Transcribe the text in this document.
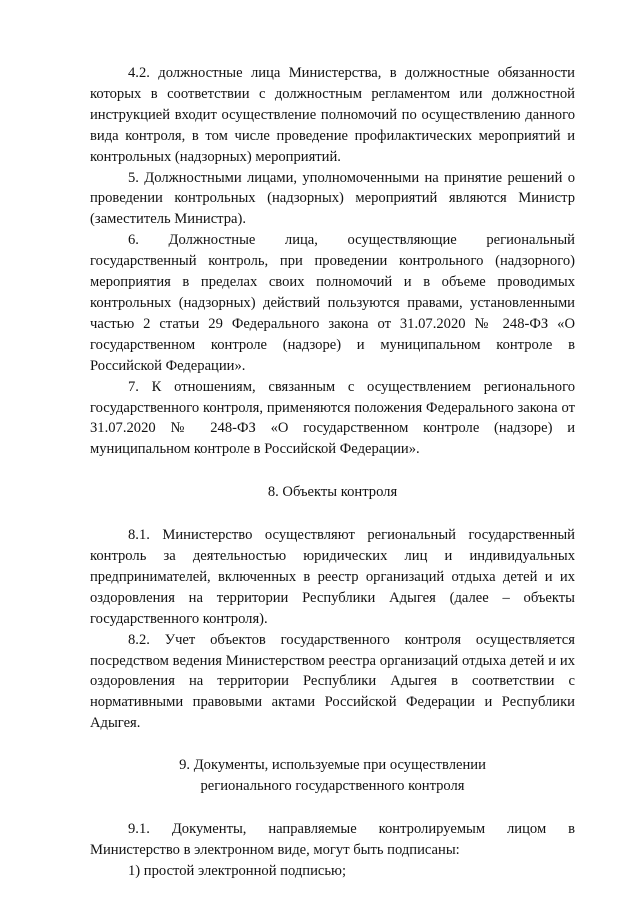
4.2. должностные лица Министерства, в должностные обязанности которых в соответствии с должностным регламентом или должностной инструкцией входит осуществление полномочий по осуществлению данного вида контроля, в том числе проведение профилактических мероприятий и контрольных (надзорных) мероприятий.

5. Должностными лицами, уполномоченными на принятие решений о проведении контрольных (надзорных) мероприятий являются Министр (заместитель Министра).

6. Должностные лица, осуществляющие региональный государственный контроль, при проведении контрольного (надзорного) мероприятия в пределах своих полномочий и в объеме проводимых контрольных (надзорных) действий пользуются правами, установленными частью 2 статьи 29 Федерального закона от 31.07.2020 № 248-ФЗ «О государственном контроле (надзоре) и муниципальном контроле в Российской Федерации».

7. К отношениям, связанным с осуществлением регионального государственного контроля, применяются положения Федерального закона от 31.07.2020 № 248-ФЗ «О государственном контроле (надзоре) и муниципальном контроле в Российской Федерации».

8. Объекты контроля

8.1. Министерство осуществляют региональный государственный контроль за деятельностью юридических лиц и индивидуальных предпринимателей, включенных в реестр организаций отдыха детей и их оздоровления на территории Республики Адыгея (далее – объекты государственного контроля).

8.2. Учет объектов государственного контроля осуществляется посредством ведения Министерством реестра организаций отдыха детей и их оздоровления на территории Республики Адыгея в соответствии с нормативными правовыми актами Российской Федерации и Республики Адыгея.

9. Документы, используемые при осуществлении

регионального государственного контроля

9.1. Документы, направляемые контролируемым лицом в Министерство в электронном виде, могут быть подписаны:

1) простой электронной подписью;
